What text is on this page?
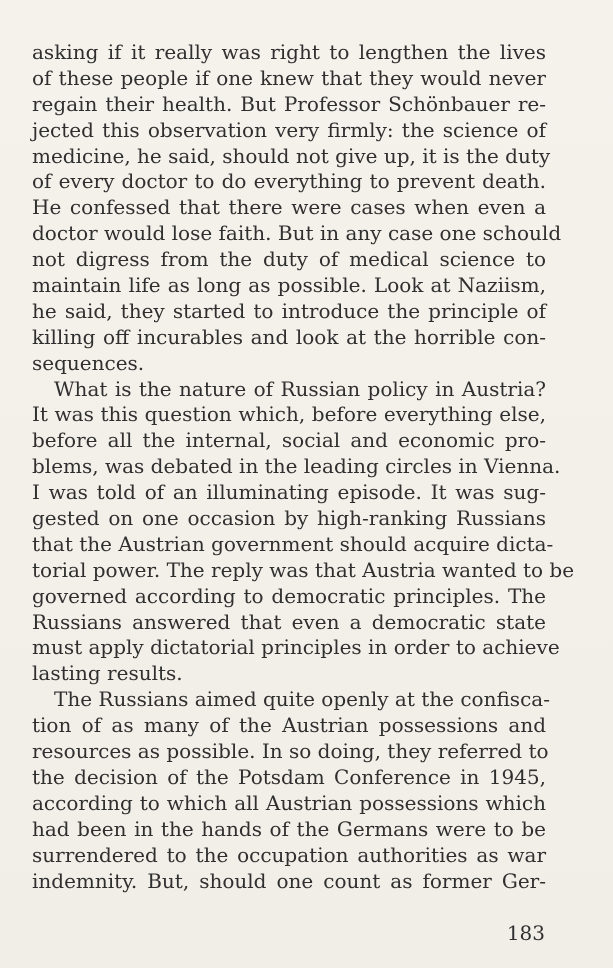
asking if it really was right to lengthen the lives
of these people if one knew that they would never
regain their health. But Professor Schönbauer re-
jected this observation very firmly: the science of
medicine, he said, should not give up, it is the duty
of every doctor to do everything to prevent death.
He confessed that there were cases when even a
doctor would lose faith. But in any case one schould
not digress from the duty of medical science to
maintain life as long as possible. Look at Naziism,
he said, they started to introduce the principle of
killing off incurables and look at the horrible con-
sequences.
What is the nature of Russian policy in Austria?
It was this question which, before everything else,
before all the internal, social and economic pro-
blems, was debated in the leading circles in Vienna.
I was told of an illuminating episode. It was sug-
gested on one occasion by high-ranking Russians
that the Austrian government should acquire dicta-
torial power. The reply was that Austria wanted to be
governed according to democratic principles. The
Russians answered that even a democratic state
must apply dictatorial principles in order to achieve
lasting results.
The Russians aimed quite openly at the confisca-
tion of as many of the Austrian possessions and
resources as possible. In so doing, they referred to
the decision of the Potsdam Conference in 1945,
according to which all Austrian possessions which
had been in the hands of the Germans were to be
surrendered to the occupation authorities as war
indemnity. But, should one count as former Ger-
183
